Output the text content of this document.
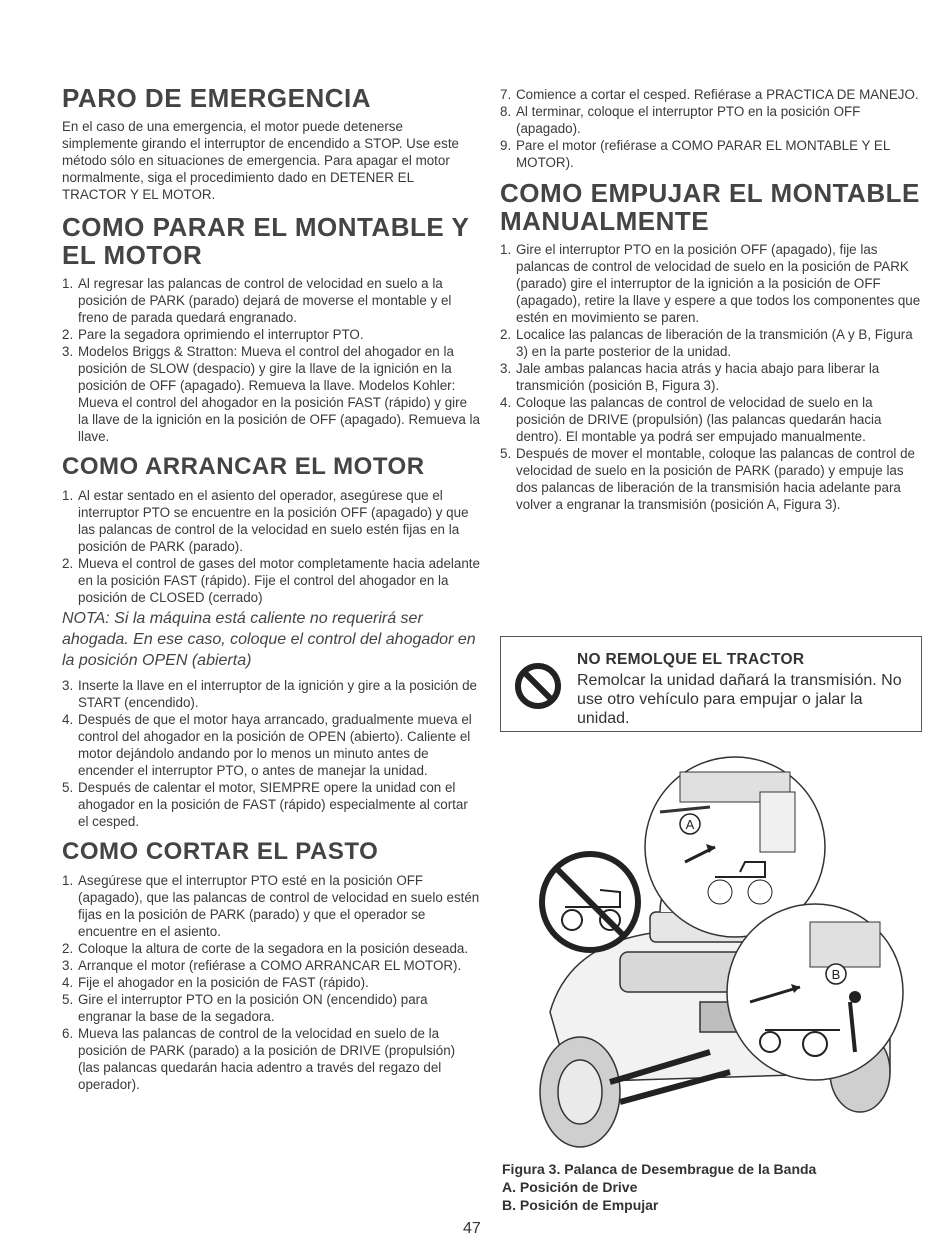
PARO DE EMERGENCIA

En el caso de una emergencia, el motor puede detenerse simplemente girando el interruptor de encendido a STOP. Use este método sólo en situaciones de emergencia. Para apagar el motor normalmente, siga el procedimiento dado en DETENER EL TRACTOR Y EL MOTOR.

COMO PARAR EL MONTABLE Y EL MOTOR
1. Al regresar las palancas de control de velocidad en suelo a la posición de PARK (parado) dejará de moverse el montable y el freno de parada quedará engranado.
2. Pare la segadora oprimiendo el interruptor PTO.
3. Modelos Briggs & Stratton: Mueva el control del ahogador en la posición de SLOW (despacio) y gire la llave de la ignición en la posición de OFF (apagado). Remueva la llave. Modelos Kohler: Mueva el control del ahogador en la posición FAST (rápido) y gire la llave de la ignición en la posición de OFF (apagado). Remueva la llave.
COMO ARRANCAR EL MOTOR
1. Al estar sentado en el asiento del operador, asegúrese que el interruptor PTO se encuentre en la posición OFF (apagado) y que las palancas de control de la velocidad en suelo estén fijas en la posición de PARK (parado).
2. Mueva el control de gases del motor completamente hacia adelante en la posición FAST (rápido). Fije el control del ahogador en la posición de CLOSED (cerrado)

NOTA: Si la máquina está caliente no requerirá ser ahogada. En ese caso, coloque el control del ahogador en la posición OPEN (abierta)

3. Inserte la llave en el interruptor de la ignición y gire a la posición de START (encendido).
4. Después de que el motor haya arrancado, gradualmente mueva el control del ahogador en la posición de OPEN (abierto). Caliente el motor dejándolo andando por lo menos un minuto antes de encender el interruptor PTO, o antes de manejar la unidad.
5. Después de calentar el motor, SIEMPRE opere la unidad con el ahogador en la posición de FAST (rápido) especialmente al cortar el cesped.
COMO CORTAR EL PASTO
1. Asegúrese que el interruptor PTO esté en la posición OFF (apagado), que las palancas de control de velocidad en suelo estén fijas en la posición de PARK (parado) y que el operador se encuentre en el asiento.
2. Coloque la altura de corte de la segadora en la posición deseada.
3. Arranque el motor (refiérase a COMO ARRANCAR EL MOTOR).
4. Fije el ahogador en la posición de FAST (rápido).
5. Gire el interruptor PTO en la posición ON (encendido) para engranar la base de la segadora.
6. Mueva las palancas de control de la velocidad en suelo de la posición de PARK (parado) a la posición de DRIVE (propulsión) (las palancas quedarán hacia adentro a través del regazo del operador).
7. Comience a cortar el cesped. Refiérase a PRACTICA DE MANEJO.
8. Al terminar, coloque el interruptor PTO en la posición OFF (apagado).
9. Pare el motor (refiérase a COMO PARAR EL MONTABLE Y EL MOTOR).
COMO EMPUJAR EL MONTABLE MANUALMENTE
1. Gire el interruptor PTO en la posición OFF (apagado), fije las palancas de control de velocidad de suelo en la posición de PARK (parado) gire el interruptor de la ignición a la posición de OFF (apagado), retire la llave y espere a que todos los componentes que estén en movimiento se paren.
2. Localice las palancas de liberación de la transmición (A y B, Figura 3) en la parte posterior de la unidad.
3. Jale ambas palancas hacia atrás y hacia abajo para liberar la transmición (posición B, Figura 3).
4. Coloque las palancas de control de velocidad de suelo en la posición de DRIVE (propulsión) (las palancas quedarán hacia dentro). El montable ya podrá ser empujado manualmente.
5. Después de mover el montable, coloque las palancas de control de velocidad de suelo en la posición de PARK (parado) y empuje las dos palancas de liberación de la transmisión hacia adelante para volver a engranar la transmisión (posición A, Figura 3).
NO REMOLQUE EL TRACTOR
Remolcar la unidad dañará la transmisión. No use otro vehículo para empujar o jalar la unidad.
A
B
Figura 3. Palanca de Desembrague de la Banda
A. Posición de Drive
B. Posición de Empujar
47
